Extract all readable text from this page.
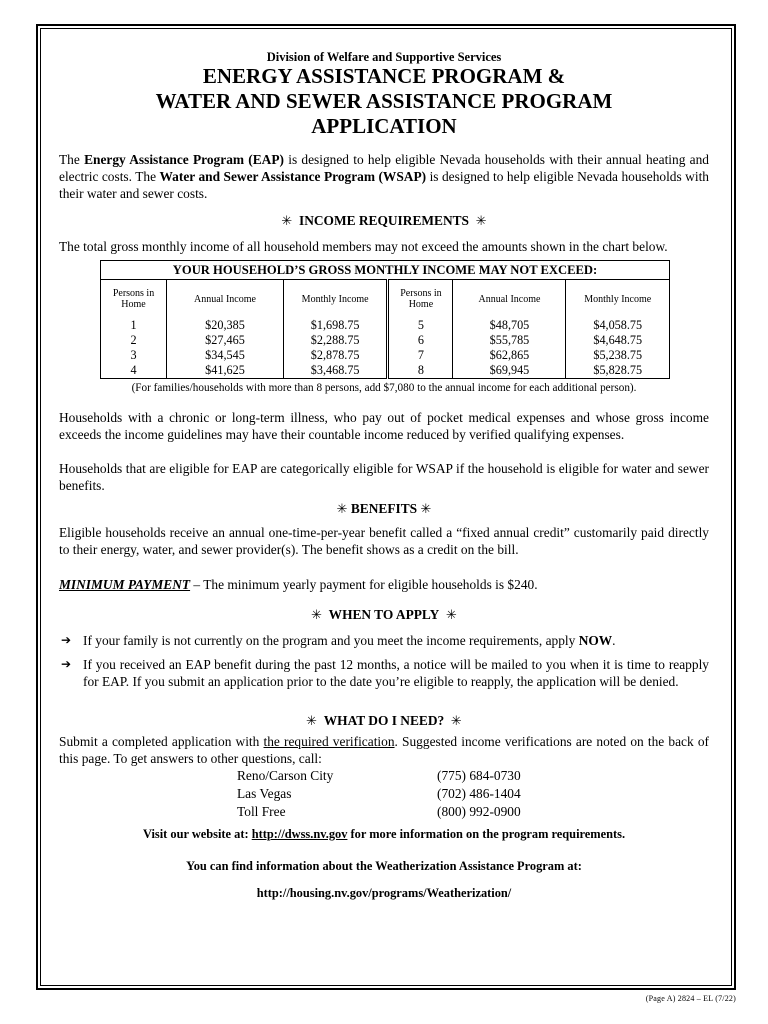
Division of Welfare and Supportive Services
ENERGY ASSISTANCE PROGRAM &
WATER AND SEWER ASSISTANCE PROGRAM
APPLICATION

The Energy Assistance Program (EAP) is designed to help eligible Nevada households with their annual heating and electric costs. The Water and Sewer Assistance Program (WSAP) is designed to help eligible Nevada households with their water and sewer costs.

✳ INCOME REQUIREMENTS ✳

The total gross monthly income of all household members may not exceed the amounts shown in the chart below.

YOUR HOUSEHOLD’S GROSS MONTHLY INCOME MAY NOT EXCEED:					
Persons in Home	Annual Income	Monthly Income	Persons in Home	Annual Income	Monthly Income
1	$20,385	$1,698.75	5	$48,705	$4,058.75
2	$27,465	$2,288.75	6	$55,785	$4,648.75
3	$34,545	$2,878.75	7	$62,865	$5,238.75
4	$41,625	$3,468.75	8	$69,945	$5,828.75
(For families/households with more than 8 persons, add $7,080 to the annual income for each additional person).

Households with a chronic or long-term illness, who pay out of pocket medical expenses and whose gross income exceeds the income guidelines may have their countable income reduced by verified qualifying expenses.

Households that are eligible for EAP are categorically eligible for WSAP if the household is eligible for water and sewer benefits.

✳ BENEFITS ✳

Eligible households receive an annual one-time-per-year benefit called a “fixed annual credit” customarily paid directly to their energy, water, and sewer provider(s). The benefit shows as a credit on the bill.

MINIMUM PAYMENT – The minimum yearly payment for eligible households is $240.

✳ WHEN TO APPLY ✳
➔ If your family is not currently on the program and you meet the income requirements, apply NOW.
➔ If you received an EAP benefit during the past 12 months, a notice will be mailed to you when it is time to reapply for EAP. If you submit an application prior to the date you’re eligible to reapply, the application will be denied.
✳ WHAT DO I NEED? ✳

Submit a completed application with the required verification. Suggested income verifications are noted on the back of this page. To get answers to other questions, call:

Reno/Carson City	(775) 684-0730
Las Vegas	(702) 486-1404
Toll Free	(800) 992-0900
Visit our website at: http://dwss.nv.gov for more information on the program requirements.
You can find information about the Weatherization Assistance Program at:
http://housing.nv.gov/programs/Weatherization/
(Page A) 2824 – EL (7/22)
